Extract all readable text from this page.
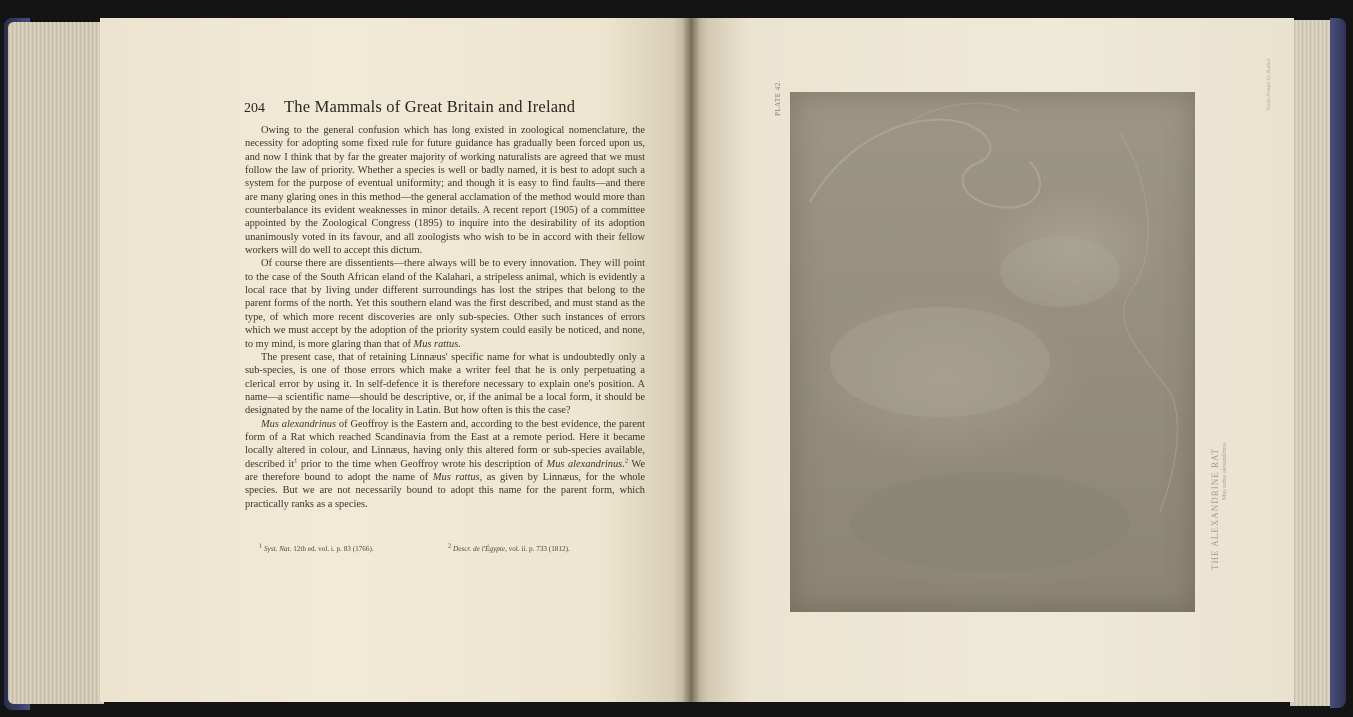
204 The Mammals of Great Britain and Ireland

Owing to the general confusion which has long existed in zoological nomenclature, the necessity for adopting some fixed rule for future guidance has gradually been forced upon us, and now I think that by far the greater majority of working naturalists are agreed that we must follow the law of priority. Whether a species is well or badly named, it is best to adopt such a system for the purpose of eventual uniformity; and though it is easy to find faults—and there are many glaring ones in this method—the general acclamation of the method would more than counterbalance its evident weaknesses in minor details. A recent report (1905) of a committee appointed by the Zoological Congress (1895) to inquire into the desirability of its adoption unanimously voted in its favour, and all zoologists who wish to be in accord with their fellow workers will do well to accept this dictum.

Of course there are dissentients—there always will be to every innovation. They will point to the case of the South African eland of the Kalahari, a stripeless animal, which is evidently a local race that by living under different surroundings has lost the stripes that belong to the parent forms of the north. Yet this southern eland was the first described, and must stand as the type, of which more recent discoveries are only sub-species. Other such instances of errors which we must accept by the adoption of the priority system could easily be noticed, and none, to my mind, is more glaring than that of Mus rattus.

The present case, that of retaining Linnæus' specific name for what is undoubtedly only a sub-species, is one of those errors which make a writer feel that he is only perpetuating a clerical error by using it. In self-defence it is therefore necessary to explain one's position. A name—a scientific name—should be descriptive, or, if the animal be a local form, it should be designated by the name of the locality in Latin. But how often is this the case?

Mus alexandrinus of Geoffroy is the Eastern and, according to the best evidence, the parent form of a Rat which reached Scandinavia from the East at a remote period. Here it became locally altered in colour, and Linnæus, having only this altered form or sub-species available, described $it^1$ prior to the time when Geoffroy wrote his description of Mus alexandrinus.$^2$ We are therefore bound to adopt the name of Mus rattus, as given by Linnæus, for the whole species. But we are not necessarily bound to adopt this name for the parent form, which practically ranks as a species.

$^1$ Syst. Nat. 12th ed. vol. i. p. 83 (1766).	$^2$ Descr. de l'Égypte, vol. ii. p. 733 (1812).
PLATE 42.
THE ALEXANDRINE RAT Mus rattus alexandrinus
From Nature by Author
